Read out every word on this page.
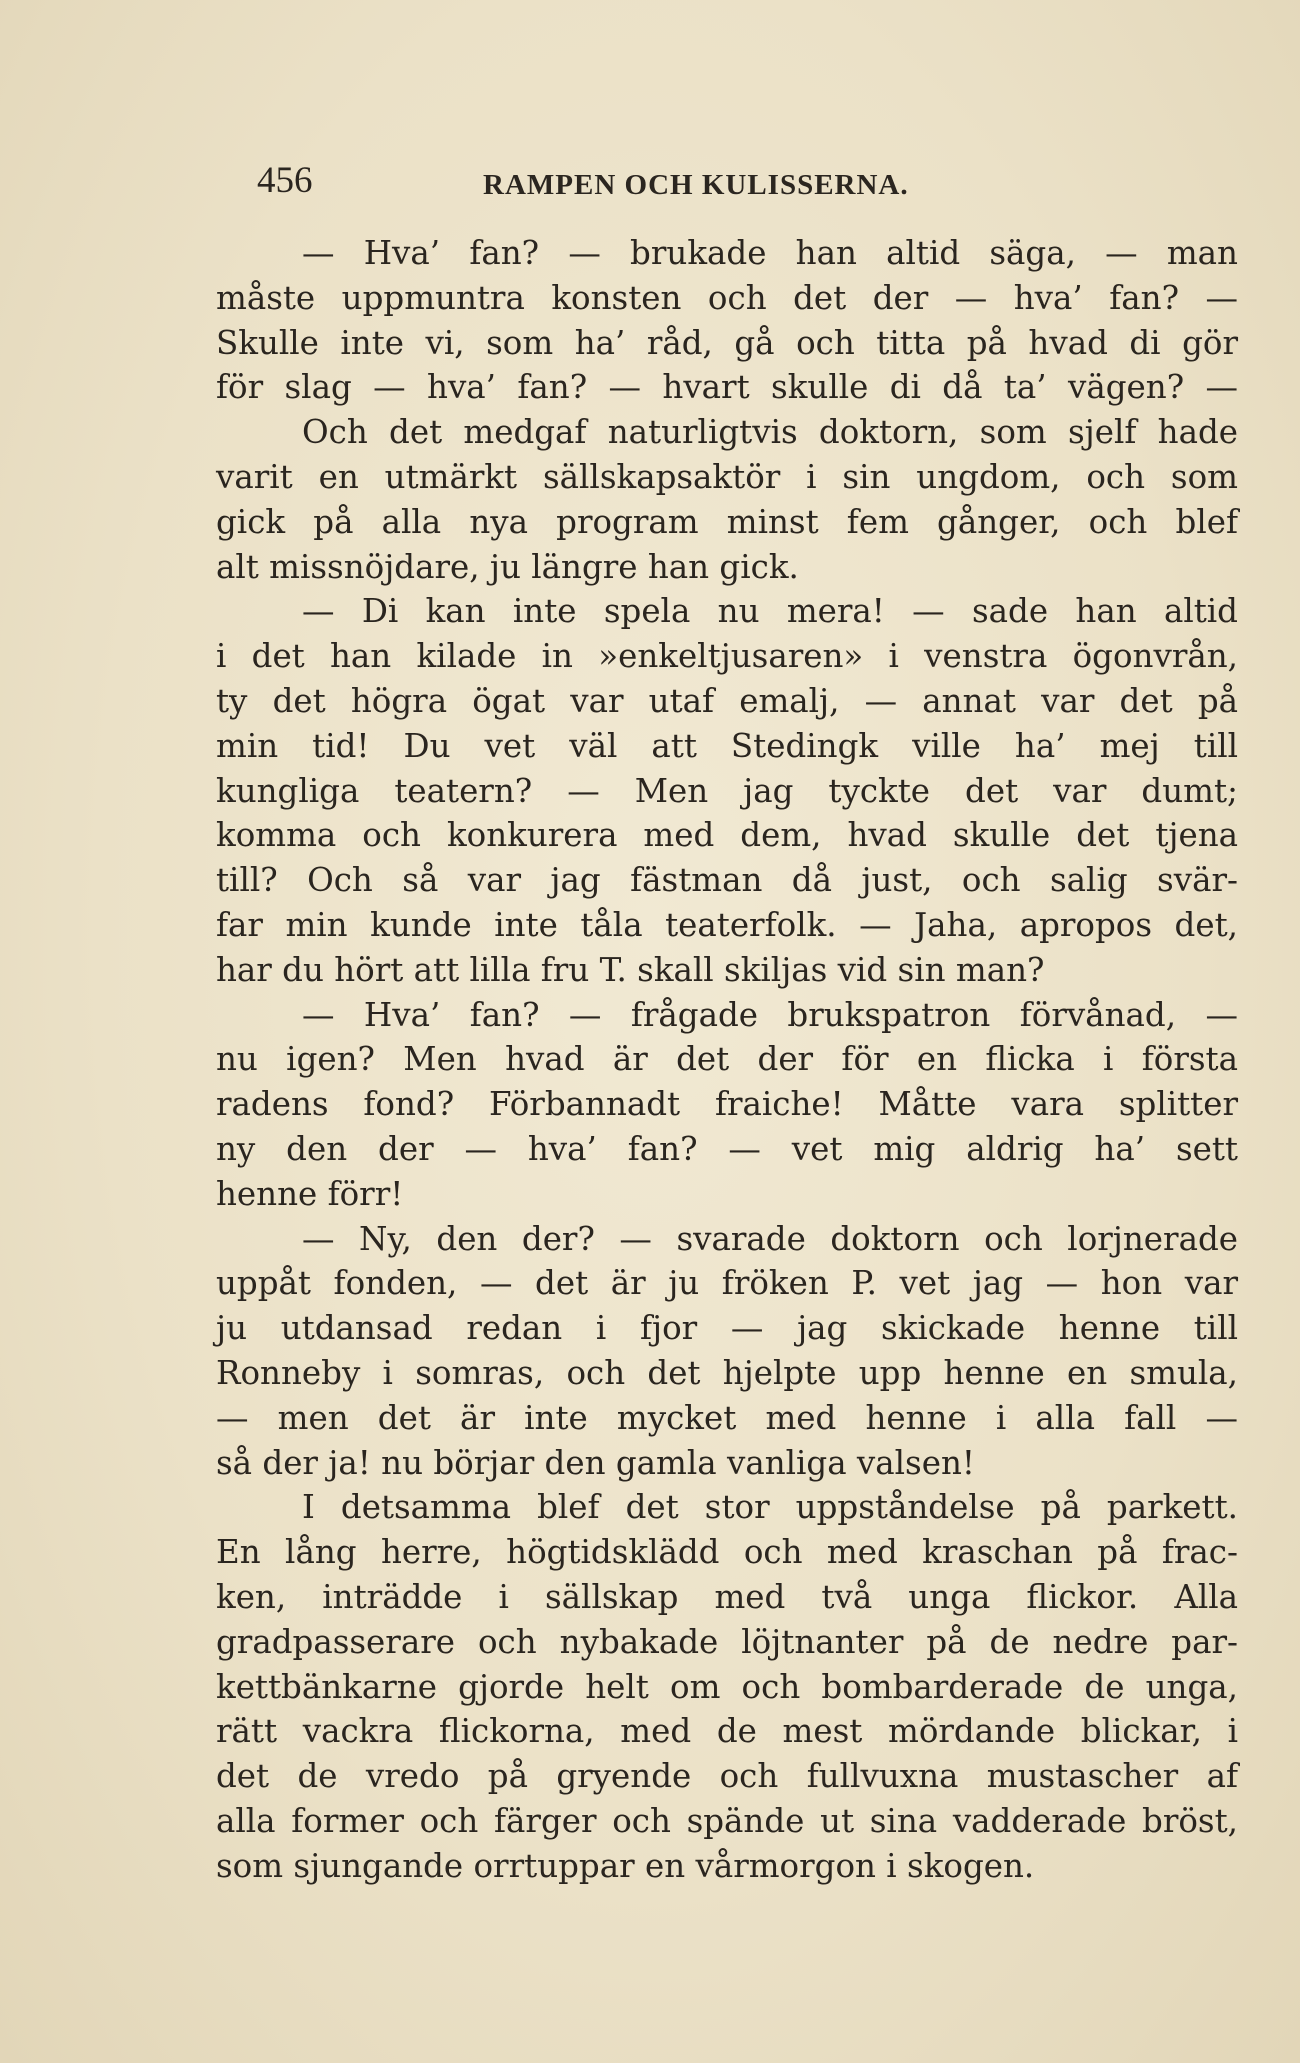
456	RAMPEN OCH KULISSERNA.
— Hva’ fan? — brukade han altid säga, — man
måste uppmuntra konsten och det der — hva’ fan? —
Skulle inte vi, som ha’ råd, gå och titta på hvad di gör
för slag — hva’ fan? — hvart skulle di då ta’ vägen? —
Och det medgaf naturligtvis doktorn, som sjelf hade
varit en utmärkt sällskapsaktör i sin ungdom, och som
gick på alla nya program minst fem gånger, och blef
alt missnöjdare, ju längre han gick.
— Di kan inte spela nu mera! — sade han altid
i det han kilade in »enkeltjusaren» i venstra ögonvrån,
ty det högra ögat var utaf emalj, — annat var det på
min tid! Du vet väl att Stedingk ville ha’ mej till
kungliga teatern? — Men jag tyckte det var dumt;
komma och konkurera med dem, hvad skulle det tjena
till? Och så var jag fästman då just, och salig svär-
far min kunde inte tåla teaterfolk. — Jaha, apropos det,
har du hört att lilla fru T. skall skiljas vid sin man?
— Hva’ fan? — frågade brukspatron förvånad, —
nu igen? Men hvad är det der för en flicka i första
radens fond? Förbannadt fraiche! Måtte vara splitter
ny den der — hva’ fan? — vet mig aldrig ha’ sett
henne förr!
— Ny, den der? — svarade doktorn och lorjnerade
uppåt fonden, — det är ju fröken P. vet jag — hon var
ju utdansad redan i fjor — jag skickade henne till
Ronneby i somras, och det hjelpte upp henne en smula,
— men det är inte mycket med henne i alla fall —
så der ja! nu börjar den gamla vanliga valsen!
I detsamma blef det stor uppståndelse på parkett.
En lång herre, högtidsklädd och med kraschan på frac-
ken, inträdde i sällskap med två unga flickor. Alla
gradpasserare och nybakade löjtnanter på de nedre par-
kettbänkarne gjorde helt om och bombarderade de unga,
rätt vackra flickorna, med de mest mördande blickar, i
det de vredo på gryende och fullvuxna mustascher af
alla former och färger och spände ut sina vadderade bröst,
som sjungande orrtuppar en vårmorgon i skogen.
